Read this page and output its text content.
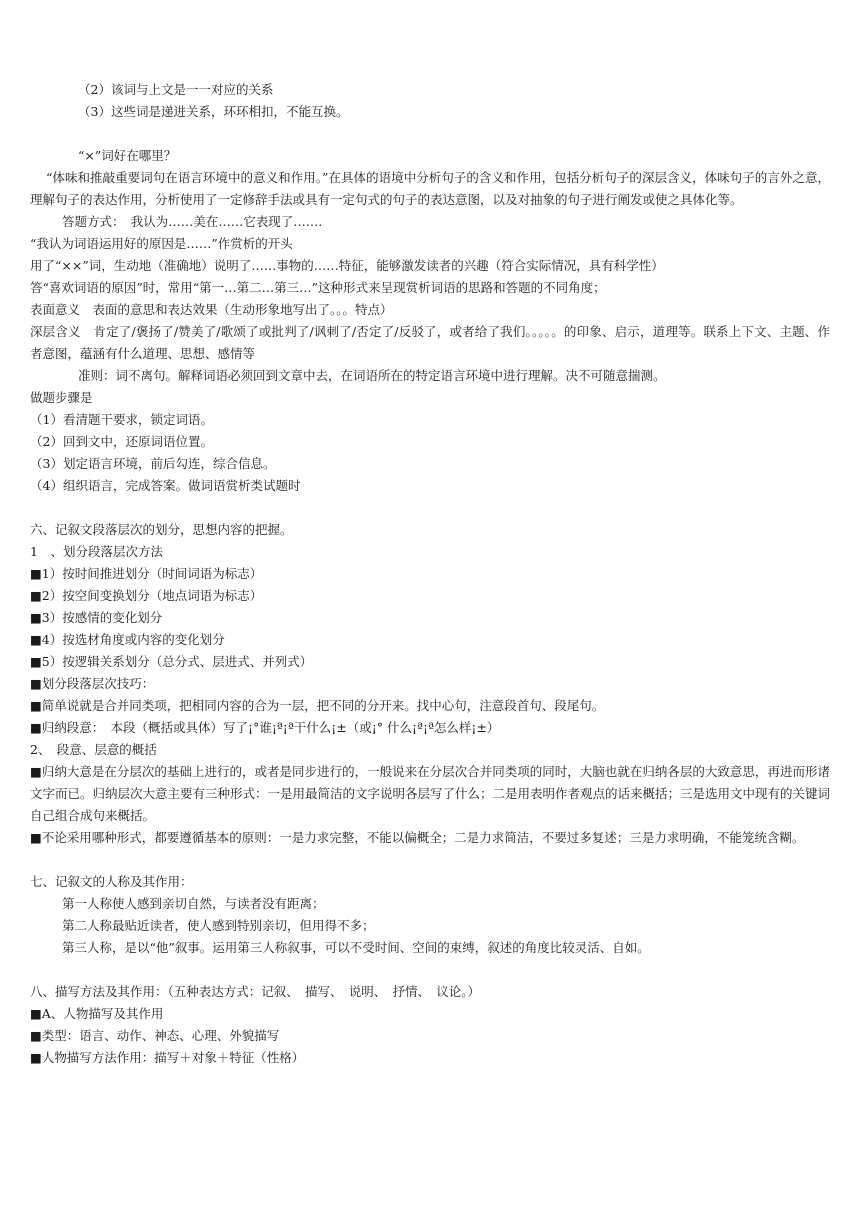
（2）该词与上文是一一对应的关系
（3）这些词是递进关系，环环相扣，不能互换。
“×”词好在哪里？
“体味和推敲重要词句在语言环境中的意义和作用。”在具体的语境中分析句子的含义和作用，包括分析句子的深层含义，体味句子的言外之意，理解句子的表达作用，分析使用了一定修辞手法或具有一定句式的句子的表达意图，以及对抽象的句子进行阐发或使之具体化等。
答题方式：　我认为……美在……它表现了…….
“我认为词语运用好的原因是……”作赏析的开头
用了“××”词，生动地（准确地）说明了……事物的……特征，能够激发读者的兴趣（符合实际情况，具有科学性）
答“喜欢词语的原因”时，常用“第一…第二…第三…”这种形式来呈现赏析词语的思路和答题的不同角度；
表面意义　表面的意思和表达效果（生动形象地写出了。。。特点）
深层含义　肯定了/褒扬了/赞美了/歌颂了或批判了/讽刺了/否定了/反驳了，或者给了我们。。。。。的印象、启示，道理等。联系上下文、主题、作者意图，蕴涵有什么道理、思想、感情等
准则：词不离句。解释词语必须回到文章中去，在词语所在的特定语言环境中进行理解。决不可随意揣测。
做题步骤是
（1）看清题干要求，锁定词语。
（2）回到文中，还原词语位置。
（3）划定语言环境，前后勾连，综合信息。
（4）组织语言，完成答案。做词语赏析类试题时
六、记叙文段落层次的划分，思想内容的把握。
1　、划分段落层次方法
■1）按时间推进划分（时间词语为标志）
■2）按空间变换划分（地点词语为标志）
■3）按感情的变化划分
■4）按选材角度或内容的变化划分
■5）按逻辑关系划分（总分式、层进式、并列式）
■划分段落层次技巧：
■简单说就是合并同类项，把相同内容的合为一层，把不同的分开来。找中心句，注意段首句、段尾句。
■归纳段意：　本段（概括或具体）写了¡°谁¡ª¡ª干什么¡±（或¡° 什么¡ª¡ª怎么样¡±）
2、　段意、层意的概括
■归纳大意是在分层次的基础上进行的，或者是同步进行的，一般说来在分层次合并同类项的同时，大脑也就在归纳各层的大致意思，再进而形诸文字而已。归纳层次大意主要有三种形式：一是用最简洁的文字说明各层写了什么；二是用表明作者观点的话来概括；三是选用文中现有的关键词自己组合成句来概括。
■不论采用哪种形式，都要遵循基本的原则：一是力求完整，不能以偏概全；二是力求简洁，不要过多复述；三是力求明确，不能笼统含糊。
七、记叙文的人称及其作用：
第一人称使人感到亲切自然，与读者没有距离；
第二人称最贴近读者，使人感到特别亲切，但用得不多；
第三人称，是以“他”叙事。运用第三人称叙事，可以不受时间、空间的束缚，叙述的角度比较灵活、自如。
八、描写方法及其作用：（五种表达方式：记叙、　描写、　说明、　抒情、　议论。）
■A、人物描写及其作用
■类型：语言、动作、神态、心理、外貌描写
■人物描写方法作用：描写＋对象＋特征（性格）
